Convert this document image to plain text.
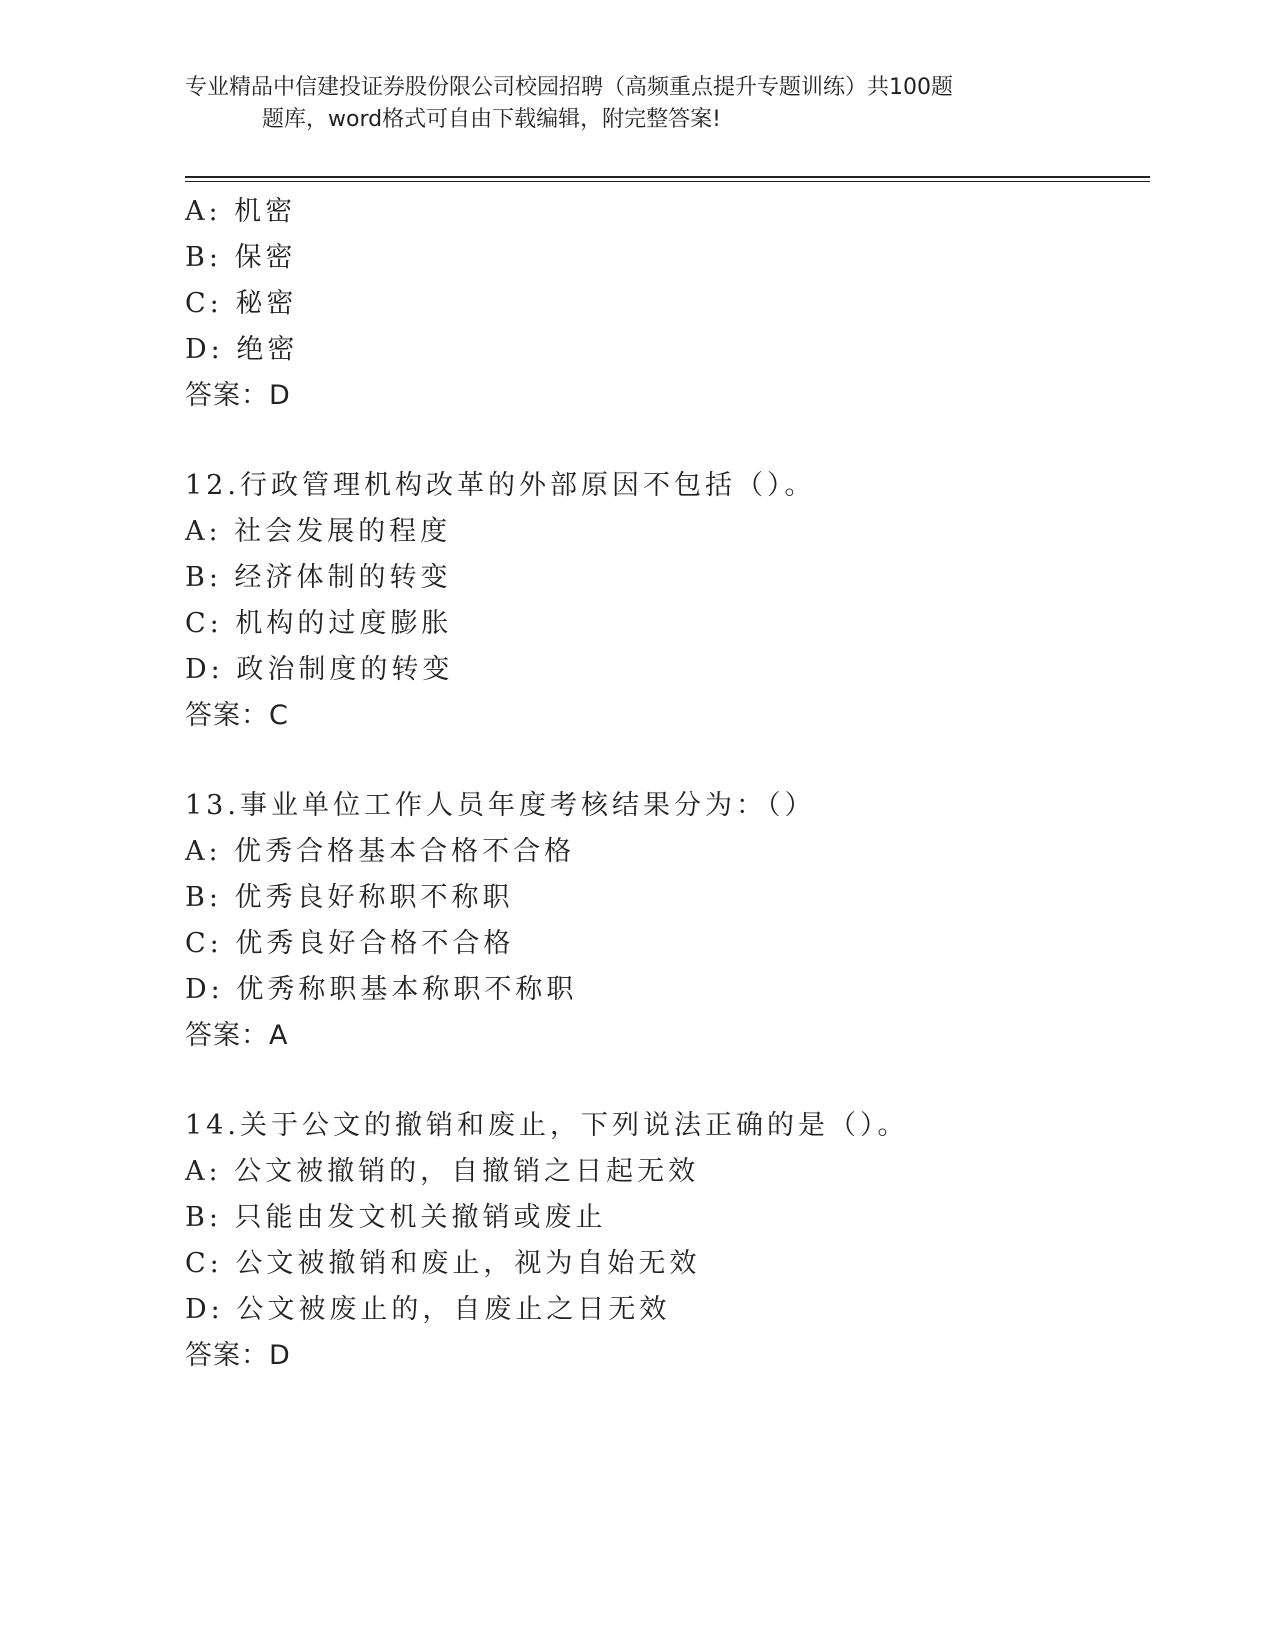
专业精品中信建投证券股份限公司校园招聘（高频重点提升专题训练）共100题
题库，word格式可自由下载编辑，附完整答案!
A: 机密
B: 保密
C: 秘密
D: 绝密
答案：D
12.行政管理机构改革的外部原因不包括（）。
A: 社会发展的程度
B: 经济体制的转变
C: 机构的过度膨胀
D: 政治制度的转变
答案：C
13.事业单位工作人员年度考核结果分为：（）
A: 优秀合格基本合格不合格
B: 优秀良好称职不称职
C: 优秀良好合格不合格
D: 优秀称职基本称职不称职
答案：A
14.关于公文的撤销和废止，下列说法正确的是（）。
A: 公文被撤销的，自撤销之日起无效
B: 只能由发文机关撤销或废止
C: 公文被撤销和废止，视为自始无效
D: 公文被废止的，自废止之日无效
答案：D
